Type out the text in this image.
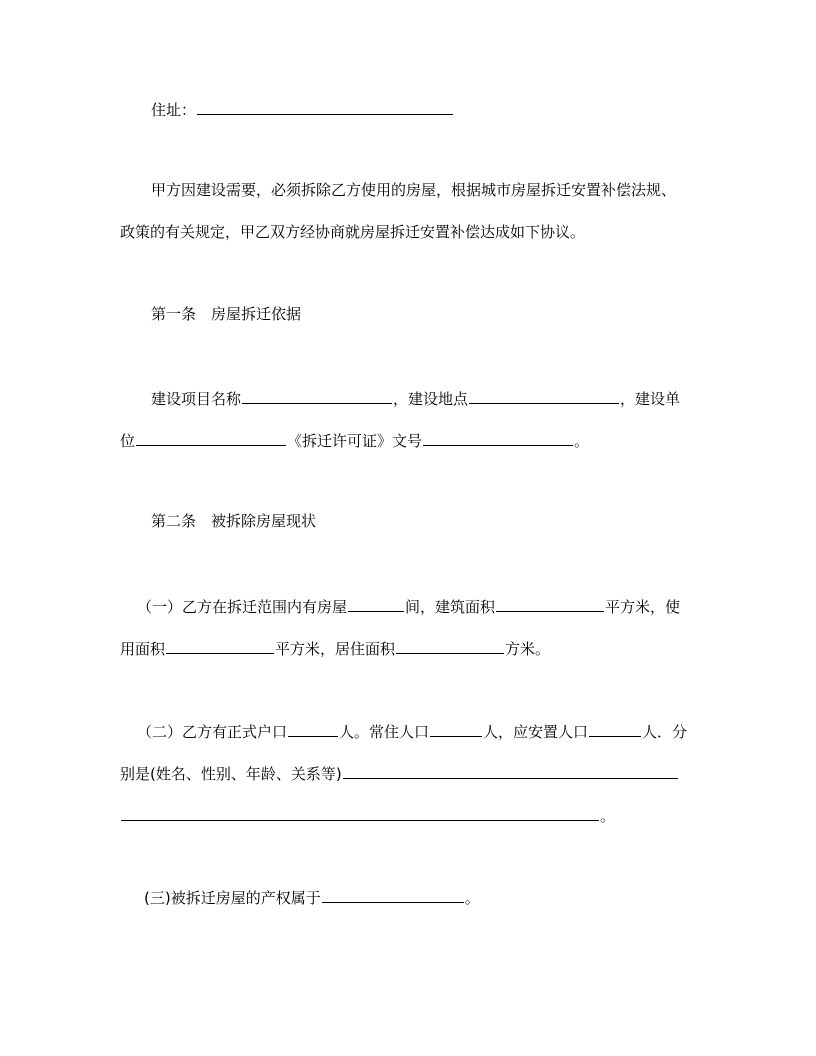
住址：
甲方因建设需要，必须拆除乙方使用的房屋，根据城市房屋拆迁安置补偿法规、
政策的有关规定，甲乙双方经协商就房屋拆迁安置补偿达成如下协议。
第一条　房屋拆迁依据
建设项目名称	，建设地点	，建设单
位	《拆迁许可证》文号	。
第二条　被拆除房屋现状
（一）乙方在拆迁范围内有房屋	间，建筑面积	平方米，使
用面积	平方米，居住面积	方米。
（二）乙方有正式户口	人。常住人口	人，应安置人口	人．分
别是(姓名、性别、年龄、关系等)
。
(三)被拆迁房屋的产权属于	。
